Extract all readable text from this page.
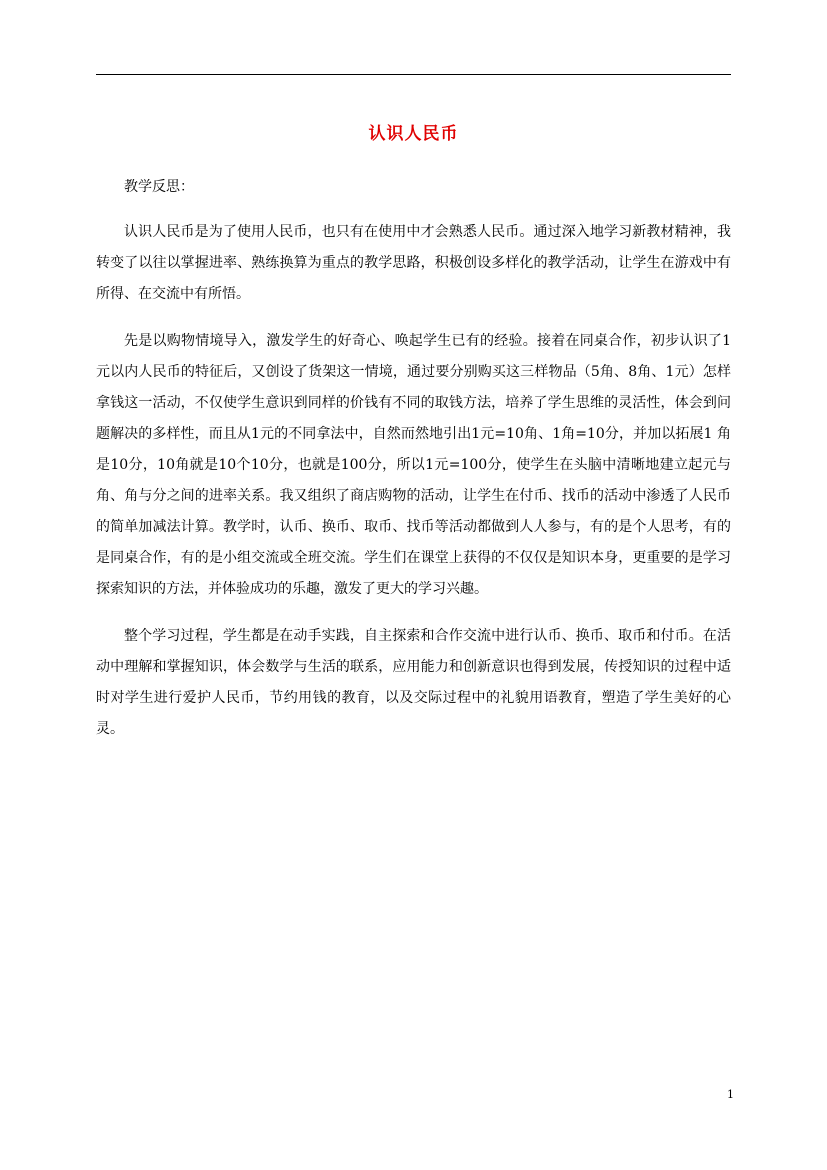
认识人民币

教学反思：

认识人民币是为了使用人民币，也只有在使用中才会熟悉人民币。通过深入地学习新教材精神，我转变了以往以掌握进率、熟练换算为重点的教学思路，积极创设多样化的教学活动，让学生在游戏中有所得、在交流中有所悟。

先是以购物情境导入，激发学生的好奇心、唤起学生已有的经验。接着在同桌合作，初步认识了1元以内人民币的特征后，又创设了货架这一情境，通过要分别购买这三样物品（5角、8角、1元）怎样拿钱这一活动，不仅使学生意识到同样的价钱有不同的取钱方法，培养了学生思维的灵活性，体会到问题解决的多样性，而且从1元的不同拿法中，自然而然地引出1元=10角、1角=10分，并加以拓展1 角是10分，10角就是10个10分，也就是100分，所以1元=100分，使学生在头脑中清晰地建立起元与角、角与分之间的进率关系。我又组织了商店购物的活动，让学生在付币、找币的活动中渗透了人民币的简单加减法计算。教学时，认币、换币、取币、找币等活动都做到人人参与，有的是个人思考，有的是同桌合作，有的是小组交流或全班交流。学生们在课堂上获得的不仅仅是知识本身，更重要的是学习探索知识的方法，并体验成功的乐趣，激发了更大的学习兴趣。

整个学习过程，学生都是在动手实践，自主探索和合作交流中进行认币、换币、取币和付币。在活动中理解和掌握知识，体会数学与生活的联系，应用能力和创新意识也得到发展，传授知识的过程中适时对学生进行爱护人民币，节约用钱的教育，以及交际过程中的礼貌用语教育，塑造了学生美好的心灵。

1
